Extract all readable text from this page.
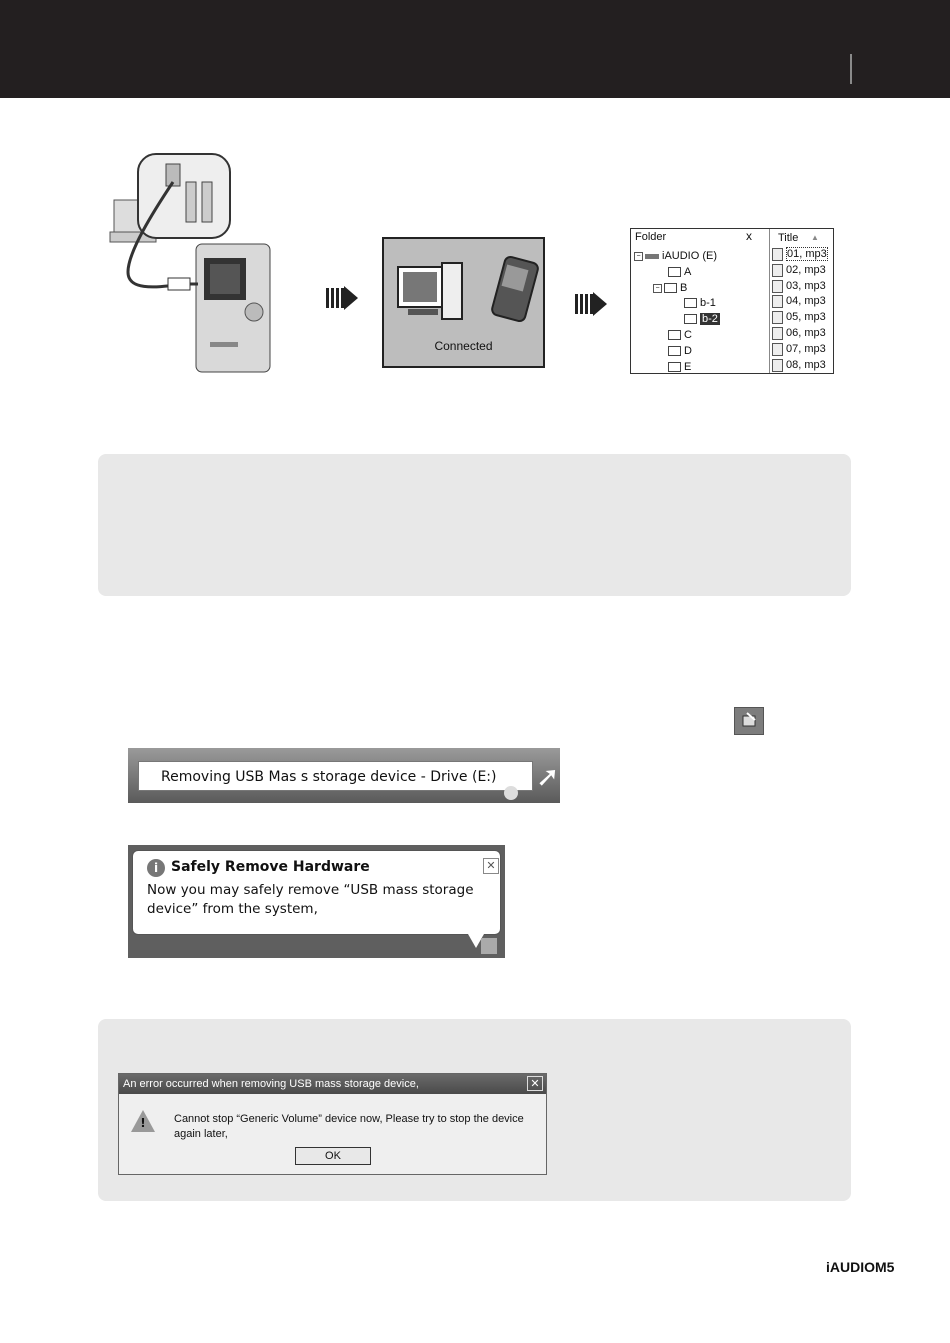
Connected
Folder	x Title ▲
− iAUDIO (E)
A
− B
b-1
b-2
C
D
E
01, mp3
02, mp3
03, mp3
04, mp3
05, mp3
06, mp3
07, mp3
08, mp3
Removing USB Mas s storage device - Drive (E:)	➚
i Safely Remove Hardware	✕
Now you may safely remove “USB mass storage device” from the system,
An error occurred when removing USB mass storage device,	✕
!	Cannot stop “Generic Volume” device now, Please try to stop the device again later,
OK
iAUDIOM5
